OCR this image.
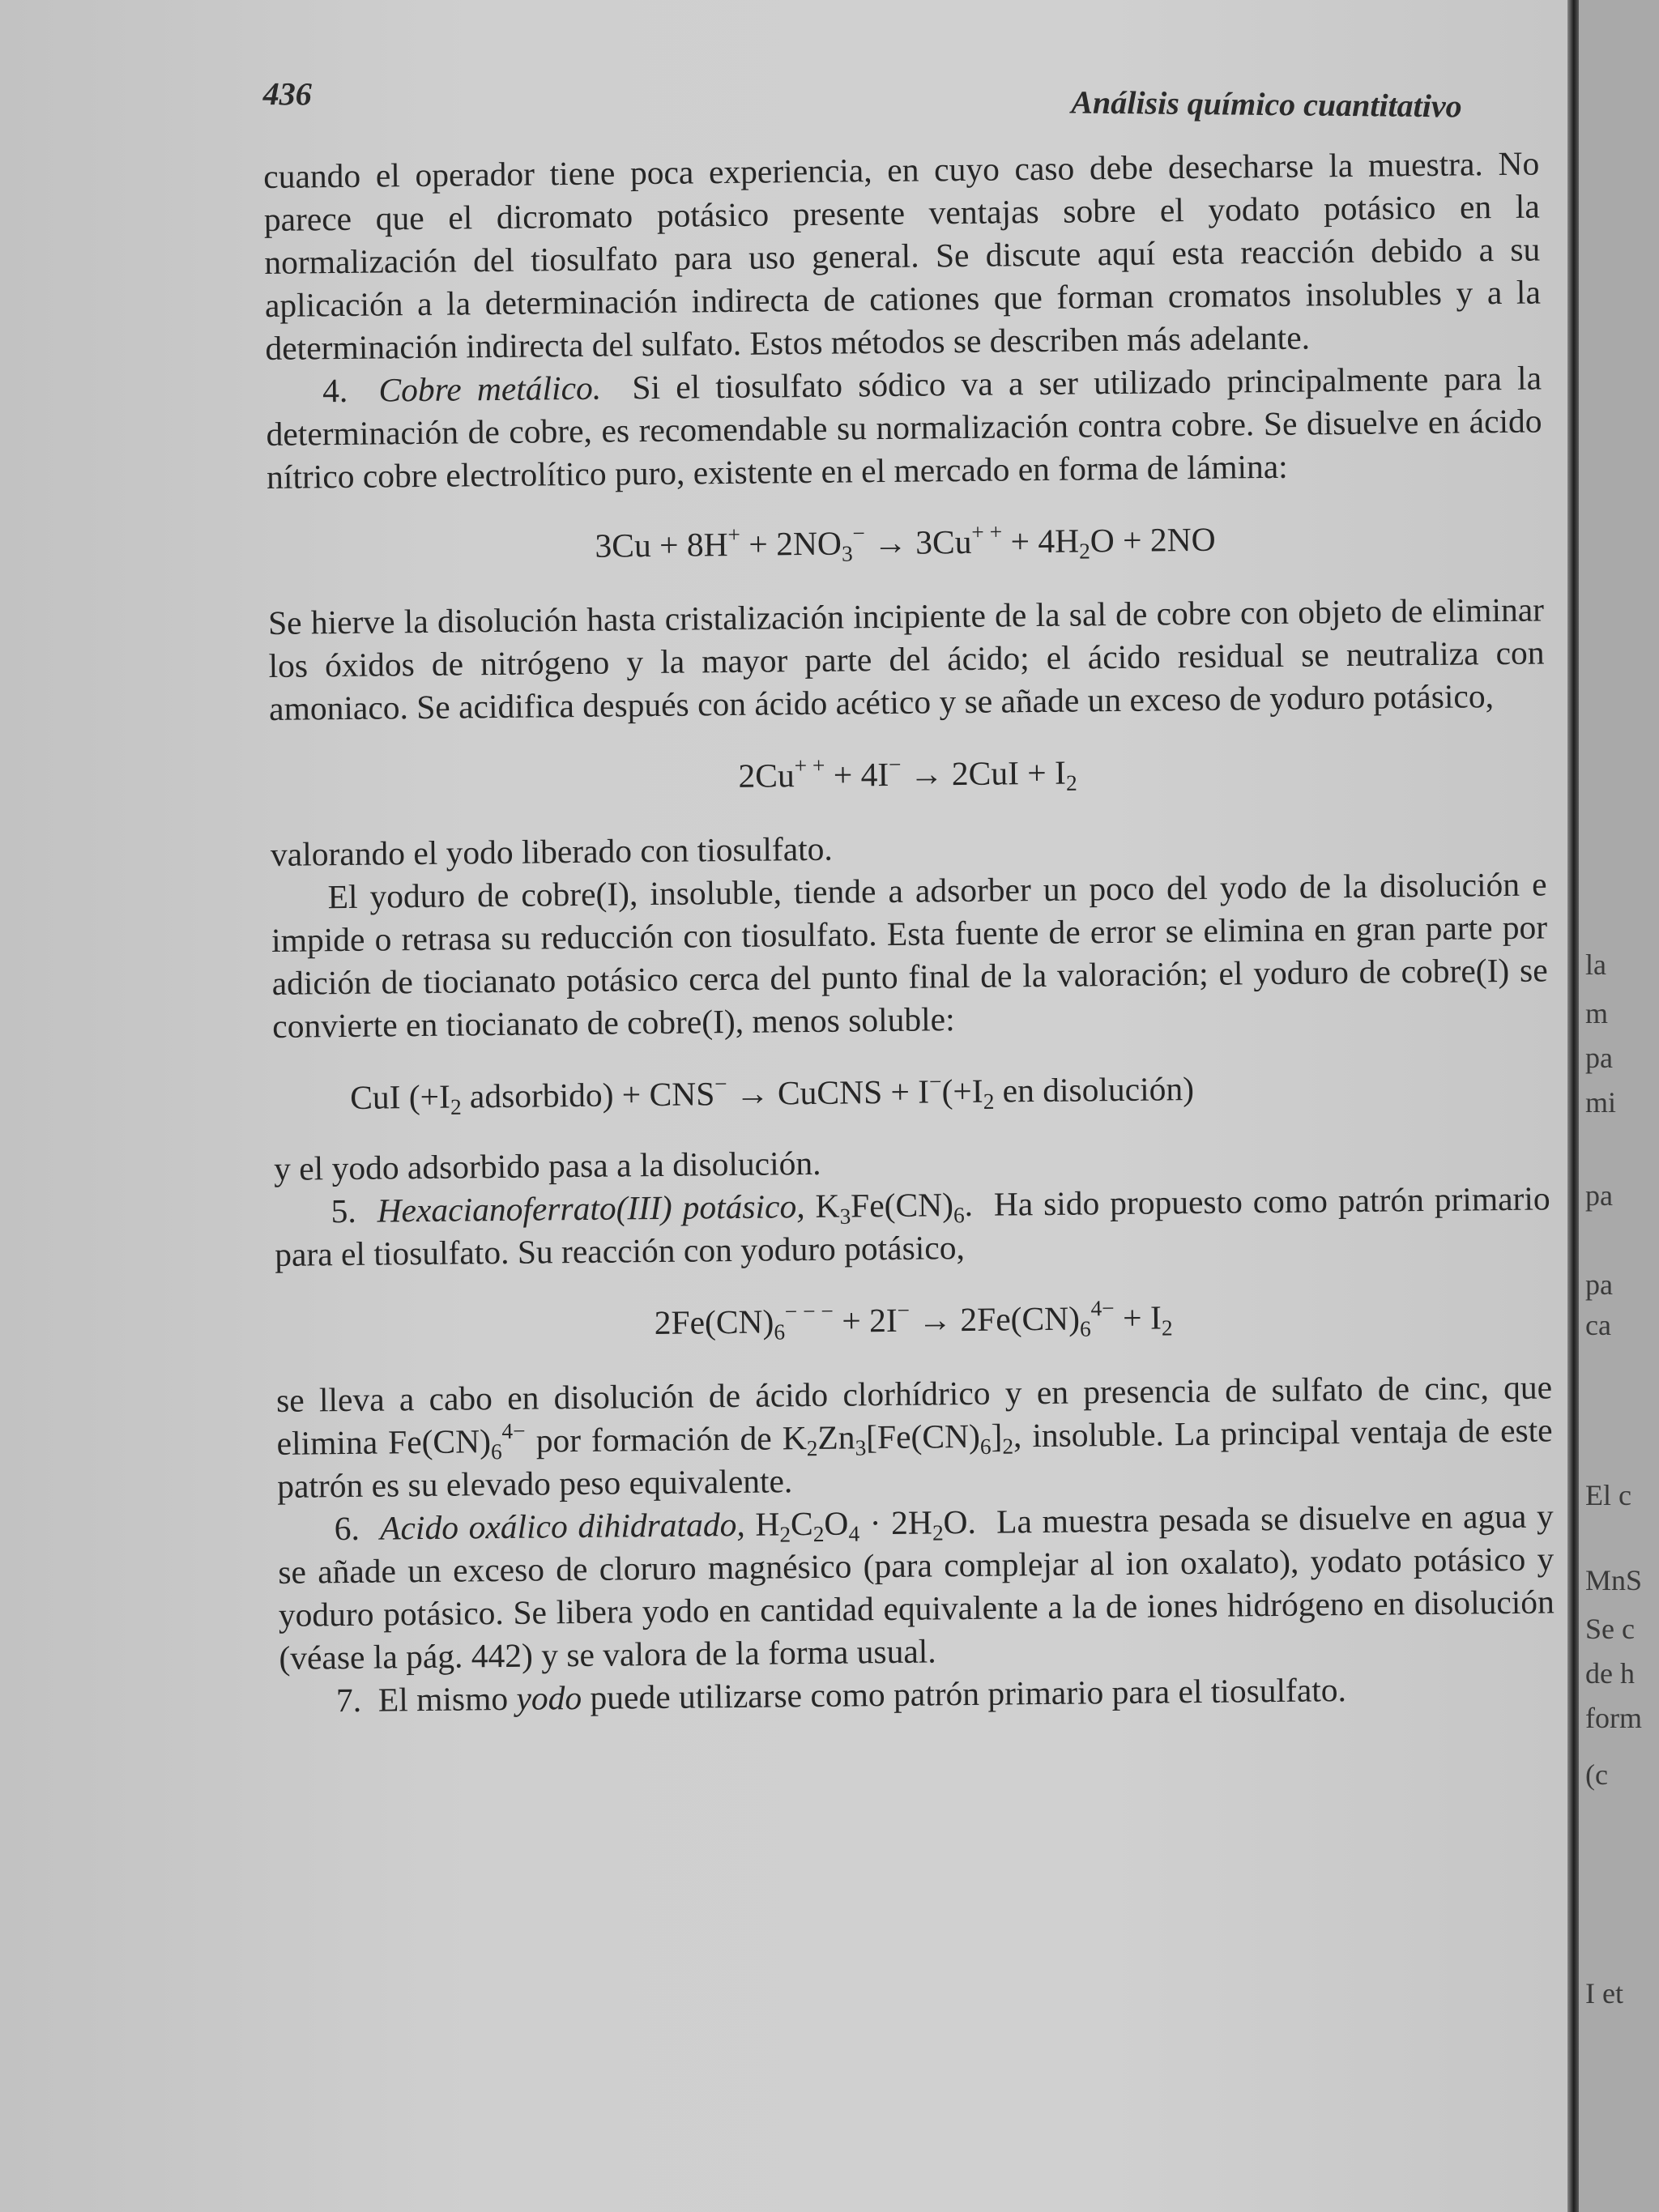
436	Análisis químico cuantitativo

cuando el operador tiene poca experiencia, en cuyo caso debe desecharse la muestra. No parece que el dicromato potásico presente ventajas sobre el yodato potásico en la normalización del tiosulfato para uso general. Se discute aquí esta reacción debido a su aplicación a la determinación indirecta de cationes que forman cromatos insolubles y a la determinación indirecta del sulfato. Estos métodos se describen más adelante.

4. Cobre metálico. Si el tiosulfato sódico va a ser utilizado principalmente para la determinación de cobre, es recomendable su normalización contra cobre. Se disuelve en ácido nítrico cobre electrolítico puro, existente en el mercado en forma de lámina:

$3Cu + 8H^+ + 2NO_3^- \to 3Cu^{+ +} + 4H_2O + 2NO$

Se hierve la disolución hasta cristalización incipiente de la sal de cobre con objeto de eliminar los óxidos de nitrógeno y la mayor parte del ácido; el ácido residual se neutraliza con amoniaco. Se acidifica después con ácido acético y se añade un exceso de yoduro potásico,

$2Cu^{+ +} + 4I^- \to 2CuI + I_2$

valorando el yodo liberado con tiosulfato.

El yoduro de cobre(I), insoluble, tiende a adsorber un poco del yodo de la disolución e impide o retrasa su reducción con tiosulfato. Esta fuente de error se elimina en gran parte por adición de tiocianato potásico cerca del punto final de la valoración; el yoduro de cobre(I) se convierte en tiocianato de cobre(I), menos soluble:

CuI ($+I_2$ adsorbido) + CNS− → CuCNS + $I^-(+I_2$ en disolución)

y el yodo adsorbido pasa a la disolución.

5. Hexacianoferrato(III) potásico, $K_3Fe(CN)_6$. Ha sido propuesto como patrón primario para el tiosulfato. Su reacción con yoduro potásico,

$2Fe(CN)_6^{- - -} + 2I^- \to 2Fe(CN)_6^{4-} + I_2$

se lleva a cabo en disolución de ácido clorhídrico y en presencia de sulfato de cinc, que elimina $Fe(CN)_6^{4-}$ por formación de $K_2Zn_3[Fe(CN)_6]_2$, insoluble. La principal ventaja de este patrón es su elevado peso equivalente.

6. Acido oxálico dihidratado, $H_2C_2O_4 \cdot 2H_2O$. La muestra pesada se disuelve en agua y se añade un exceso de cloruro magnésico (para complejar al ion oxalato), yodato potásico y yoduro potásico. Se libera yodo en cantidad equivalente a la de iones hidrógeno en disolución (véase la pág. 442) y se valora de la forma usual.

7. El mismo yodo puede utilizarse como patrón primario para el tiosulfato.

la
m
pa
mi
pa
pa
ca
El c
MnS
Se c
de h
form
(c
I et
